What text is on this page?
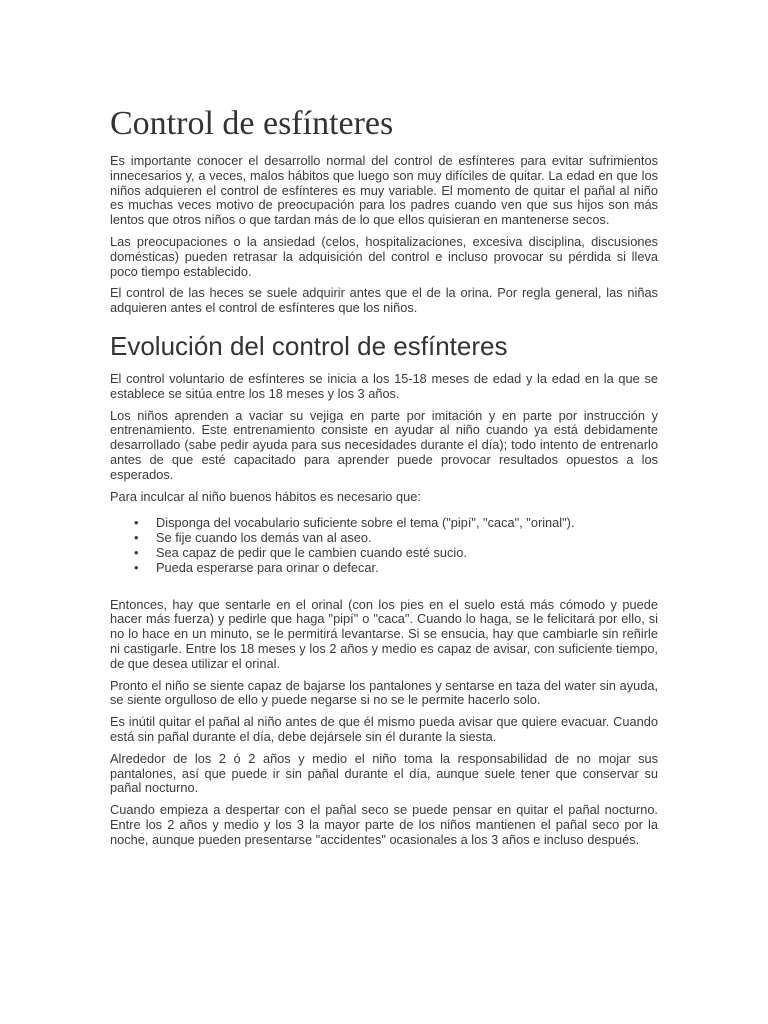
Control de esfínteres

Es importante conocer el desarrollo normal del control de esfínteres para evitar sufrimientos innecesarios y, a veces, malos hábitos que luego son muy difíciles de quitar. La edad en que los niños adquieren el control de esfínteres es muy variable. El momento de quitar el pañal al niño es muchas veces motivo de preocupación para los padres cuando ven que sus hijos son más lentos que otros niños o que tardan más de lo que ellos quisieran en mantenerse secos.

Las preocupaciones o la ansiedad (celos, hospitalizaciones, excesiva disciplina, discusiones domésticas) pueden retrasar la adquisición del control e incluso provocar su pérdida si lleva poco tiempo establecido.

El control de las heces se suele adquirir antes que el de la orina. Por regla general, las niñas adquieren antes el control de esfínteres que los niños.

Evolución del control de esfínteres

El control voluntario de esfínteres se inicia a los 15-18 meses de edad y la edad en la que se establece se sitúa entre los 18 meses y los 3 años.

Los niños aprenden a vaciar su vejiga en parte por imitación y en parte por instrucción y entrenamiento. Este entrenamiento consiste en ayudar al niño cuando ya está debidamente desarrollado (sabe pedir ayuda para sus necesidades durante el día); todo intento de entrenarlo antes de que esté capacitado para aprender puede provocar resultados opuestos a los esperados.

Para inculcar al niño buenos hábitos es necesario que:

• Disponga del vocabulario suficiente sobre el tema ("pipí", "caca", "orinal").
• Se fije cuando los demás van al aseo.
• Sea capaz de pedir que le cambien cuando esté sucio.
• Pueda esperarse para orinar o defecar.

Entonces, hay que sentarle en el orinal (con los pies en el suelo está más cómodo y puede hacer más fuerza) y pedirle que haga "pipí" o "caca". Cuando lo haga, se le felicitará por ello, si no lo hace en un minuto, se le permitirá levantarse. Si se ensucia, hay que cambiarle sin reñirle ni castigarle. Entre los 18 meses y los 2 años y medio es capaz de avisar, con suficiente tiempo, de que desea utilizar el orinal.

Pronto el niño se siente capaz de bajarse los pantalones y sentarse en taza del water sin ayuda, se siente orgulloso de ello y puede negarse si no se le permite hacerlo solo.

Es inútil quitar el pañal al niño antes de que él mismo pueda avisar que quiere evacuar. Cuando está sin pañal durante el día, debe dejársele sin él durante la siesta.

Alrededor de los 2 ó 2 años y medio el niño toma la responsabilidad de no mojar sus pantalones, así que puede ir sin pañal durante el día, aunque suele tener que conservar su pañal nocturno.

Cuando empieza a despertar con el pañal seco se puede pensar en quitar el pañal nocturno. Entre los 2 años y medio y los 3 la mayor parte de los niños mantienen el pañal seco por la noche, aunque pueden presentarse "accidentes" ocasionales a los 3 años e incluso después.
